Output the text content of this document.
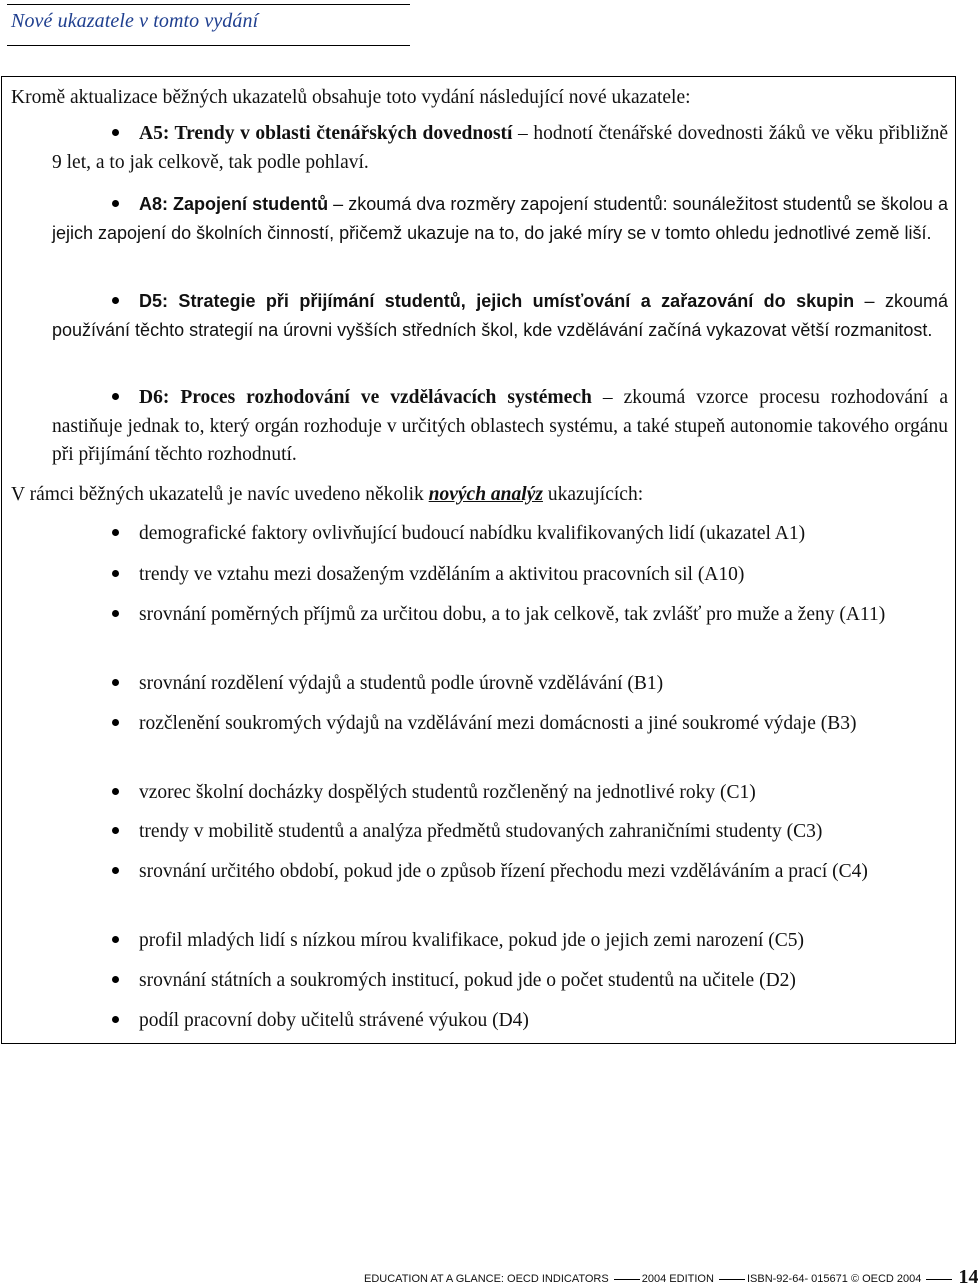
Nové ukazatele v tomto vydání

Kromě aktualizace běžných ukazatelů obsahuje toto vydání následující nové ukazatele:

A5: Trendy v oblasti čtenářských dovedností – hodnotí čtenářské dovednosti žáků ve věku přibližně 9 let, a to jak celkově, tak podle pohlaví.

A8: Zapojení studentů – zkoumá dva rozměry zapojení studentů: sounáležitost studentů se školou a jejich zapojení do školních činností, přičemž ukazuje na to, do jaké míry se v tomto ohledu jednotlivé země liší.

D5: Strategie při přijímání studentů, jejich umísťování a zařazování do skupin – zkoumá používání těchto strategií na úrovni vyšších středních škol, kde vzdělávání začíná vykazovat větší rozmanitost.

D6: Proces rozhodování ve vzdělávacích systémech – zkoumá vzorce procesu rozhodování a nastiňuje jednak to, který orgán rozhoduje v určitých oblastech systému, a také stupeň autonomie takového orgánu při přijímání těchto rozhodnutí.

V rámci běžných ukazatelů je navíc uvedeno několik nových analýz ukazujících:

demografické faktory ovlivňující budoucí nabídku kvalifikovaných lidí (ukazatel A1)

trendy ve vztahu mezi dosaženým vzděláním a aktivitou pracovních sil (A10)

srovnání poměrných příjmů za určitou dobu, a to jak celkově, tak zvlášť pro muže a ženy (A11)

srovnání rozdělení výdajů a studentů podle úrovně vzdělávání (B1)

rozčlenění soukromých výdajů na vzdělávání mezi domácnosti a jiné soukromé výdaje (B3)

vzorec školní docházky dospělých studentů rozčleněný na jednotlivé roky (C1)

trendy v mobilitě studentů a analýza předmětů studovaných zahraničními studenty (C3)

srovnání určitého období, pokud jde o způsob řízení přechodu mezi vzděláváním a prací (C4)

profil mladých lidí s nízkou mírou kvalifikace, pokud jde o jejich zemi narození (C5)

srovnání státních a soukromých institucí, pokud jde o počet studentů na učitele (D2)

podíl pracovní doby učitelů strávené výukou (D4)

EDUCATION AT A GLANCE: OECD INDICATORS	2004 EDITION	ISBN-92-64- 015671 © OECD 2004 14
